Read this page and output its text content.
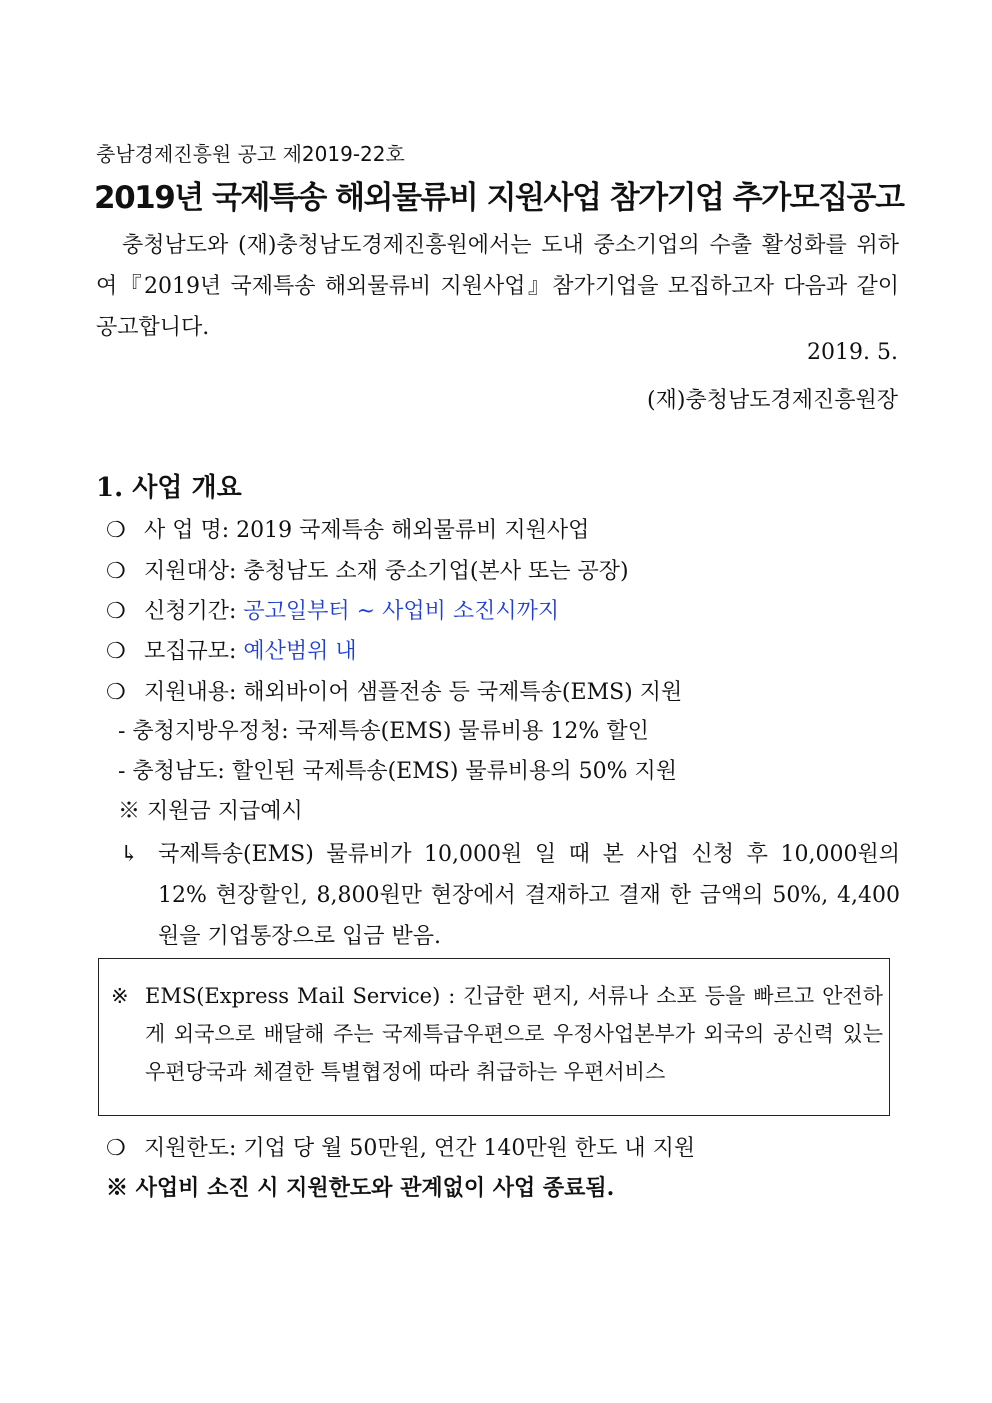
충남경제진흥원 공고 제2019-22호
2019년 국제특송 해외물류비 지원사업 참가기업 추가모집공고

충청남도와 (재)충청남도경제진흥원에서는 도내 중소기업의 수출 활성화를 위하여『2019년 국제특송 해외물류비 지원사업』참가기업을 모집하고자 다음과 같이 공고합니다.

2019. 5.
(재)충청남도경제진흥원장
1. 사업 개요
❍ 사 업 명: 2019 국제특송 해외물류비 지원사업
❍ 지원대상: 충청남도 소재 중소기업(본사 또는 공장)
❍ 신청기간: 공고일부터 ~ 사업비 소진시까지
❍ 모집규모: 예산범위 내
❍ 지원내용: 해외바이어 샘플전송 등 국제특송(EMS) 지원
- 충청지방우정청: 국제특송(EMS) 물류비용 12% 할인
- 충청남도: 할인된 국제특송(EMS) 물류비용의 50% 지원
※ 지원금 지급예시
↳ 국제특송(EMS) 물류비가 10,000원 일 때 본 사업 신청 후 10,000원의 12% 현장할인, 8,800원만 현장에서 결재하고 결재 한 금액의 50%, 4,400원을 기업통장으로 입금 받음.
※ EMS(Express Mail Service) : 긴급한 편지, 서류나 소포 등을 빠르고 안전하게 외국으로 배달해 주는 국제특급우편으로 우정사업본부가 외국의 공신력 있는 우편당국과 체결한 특별협정에 따라 취급하는 우편서비스
❍ 지원한도: 기업 당 월 50만원, 연간 140만원 한도 내 지원
※ 사업비 소진 시 지원한도와 관계없이 사업 종료됨.
